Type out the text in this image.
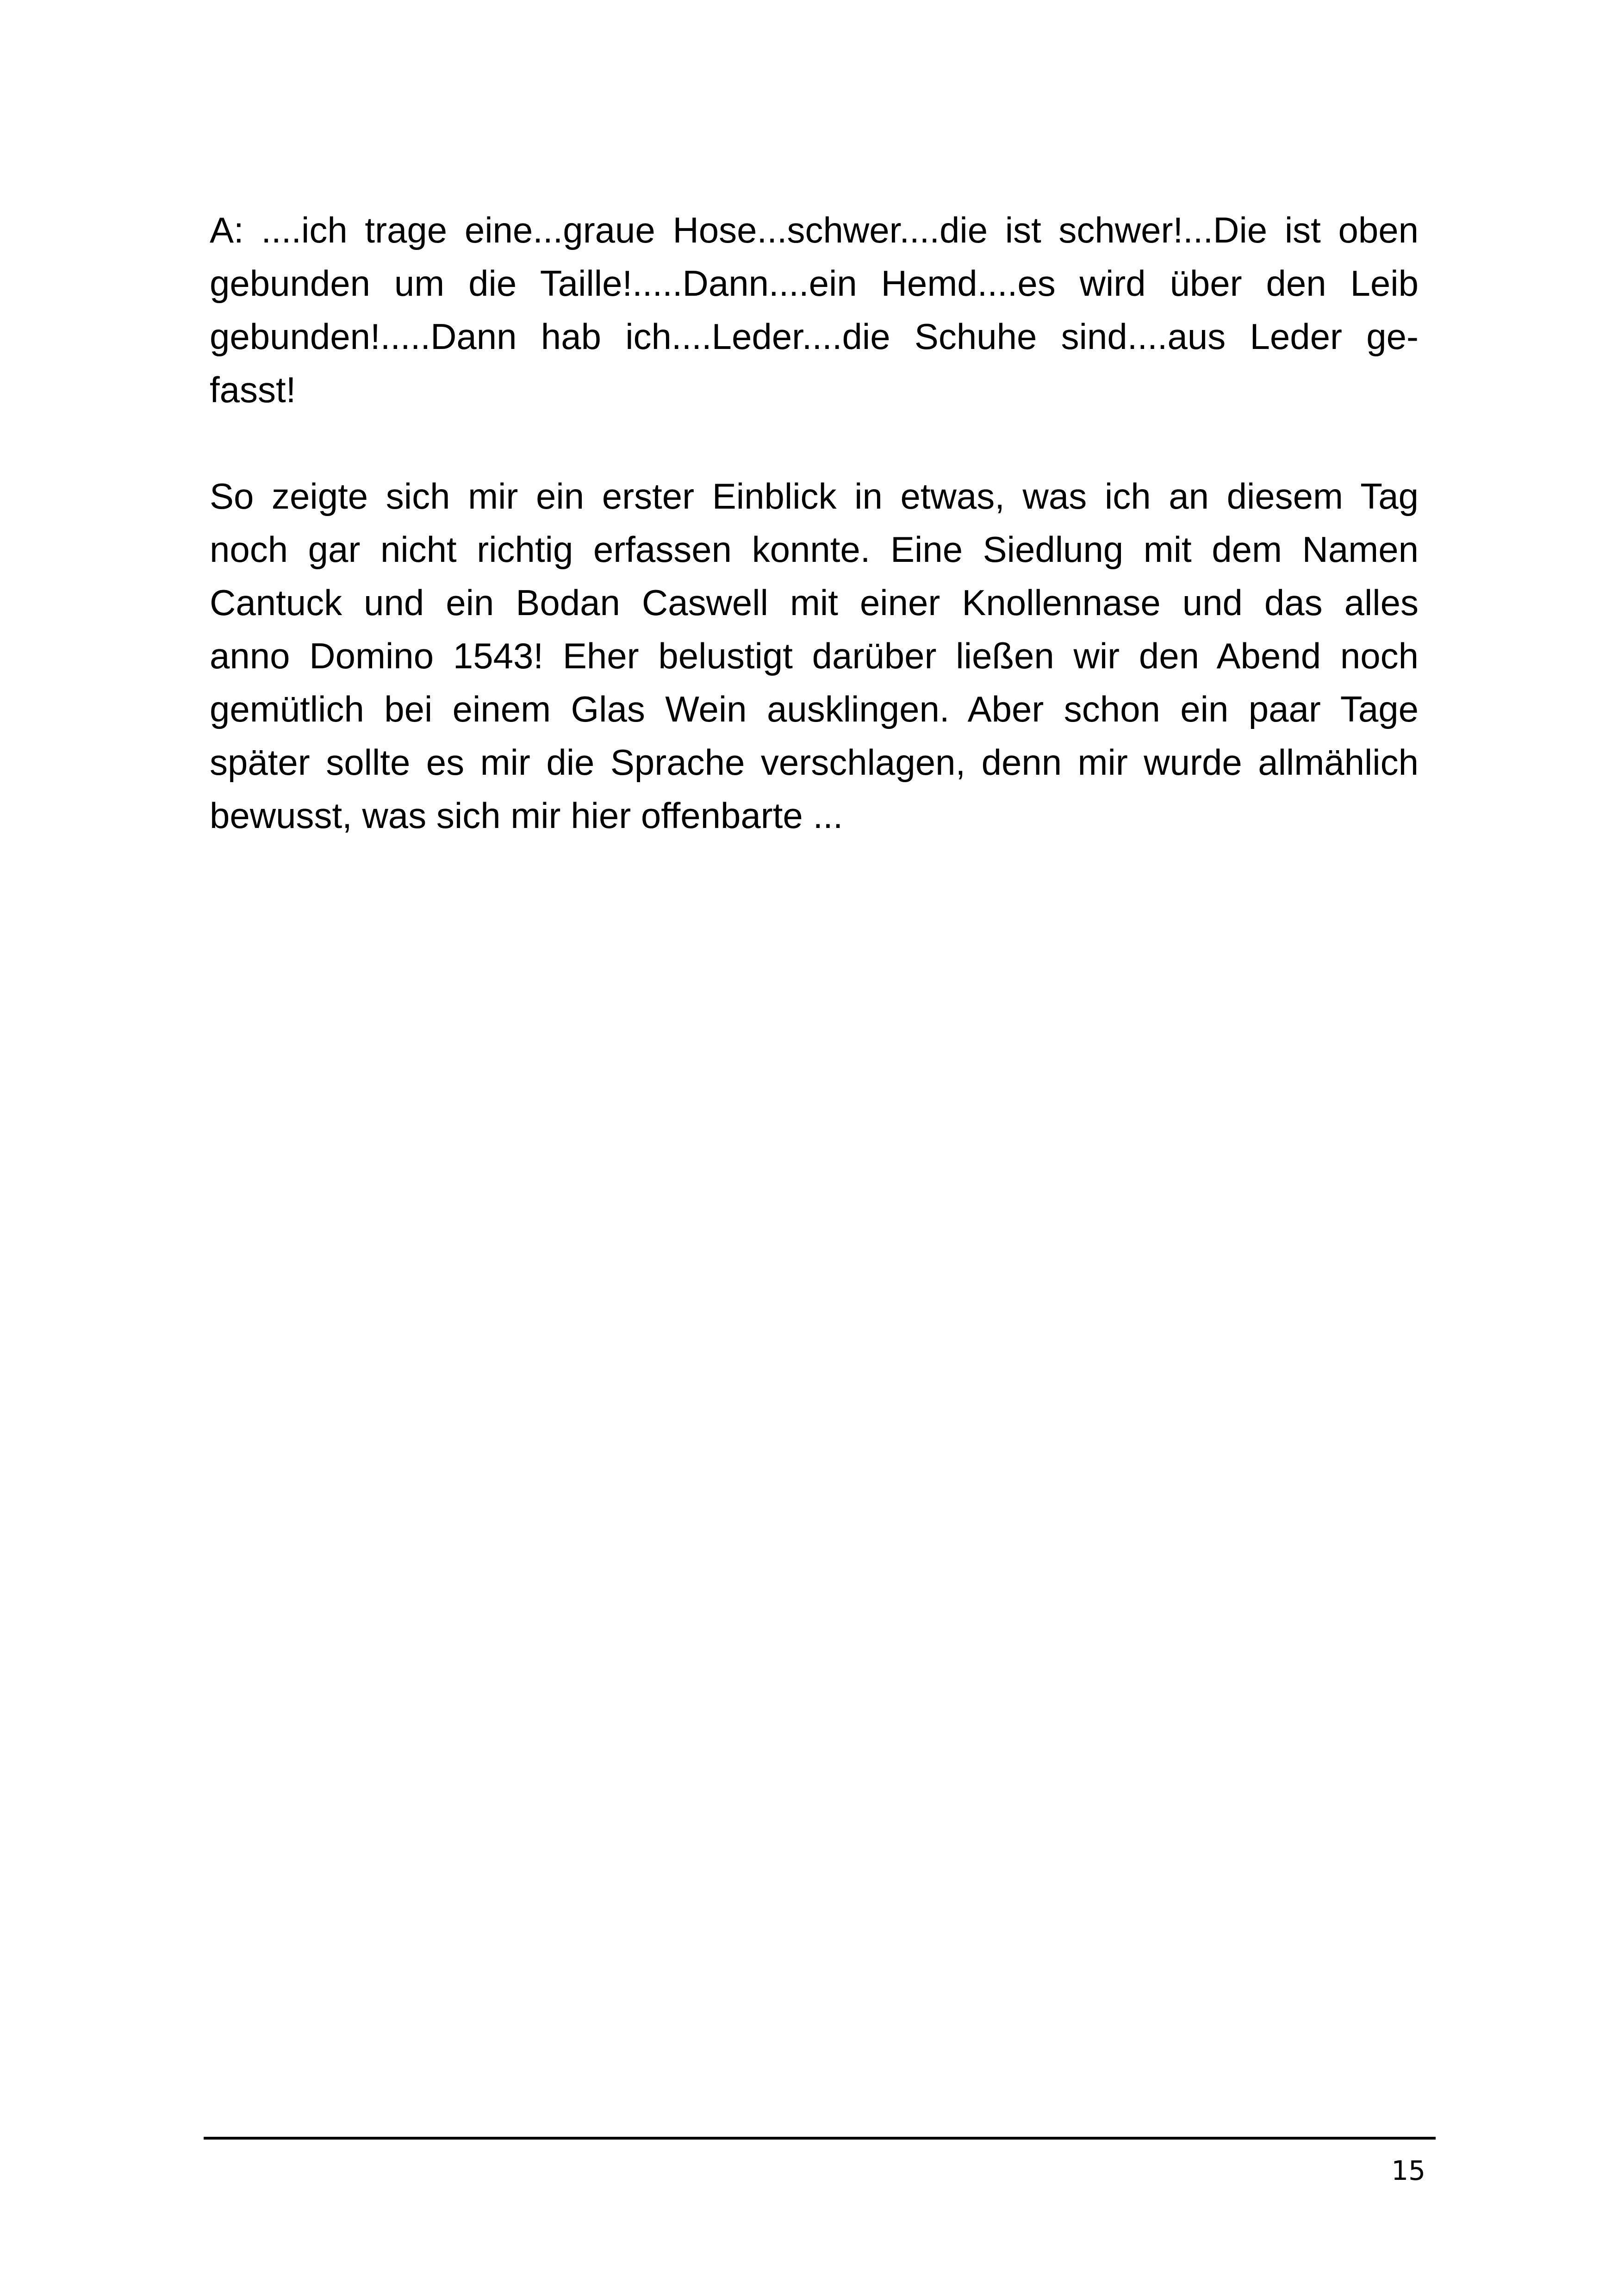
A: ....ich trage eine...graue Hose...schwer....die ist schwer!...Die ist oben
gebunden um die Taille!.....Dann....ein Hemd....es wird über den Leib
gebunden!.....Dann hab ich....Leder....die Schuhe sind....aus Leder ge-
fasst!
So zeigte sich mir ein erster Einblick in etwas, was ich an diesem Tag
noch gar nicht richtig erfassen konnte. Eine Siedlung mit dem Namen
Cantuck und ein Bodan Caswell mit einer Knollennase und das alles
anno Domino 1543! Eher belustigt darüber ließen wir den Abend noch
gemütlich bei einem Glas Wein ausklingen. Aber schon ein paar Tage
später sollte es mir die Sprache verschlagen, denn mir wurde allmählich
bewusst, was sich mir hier offenbarte ...
15
